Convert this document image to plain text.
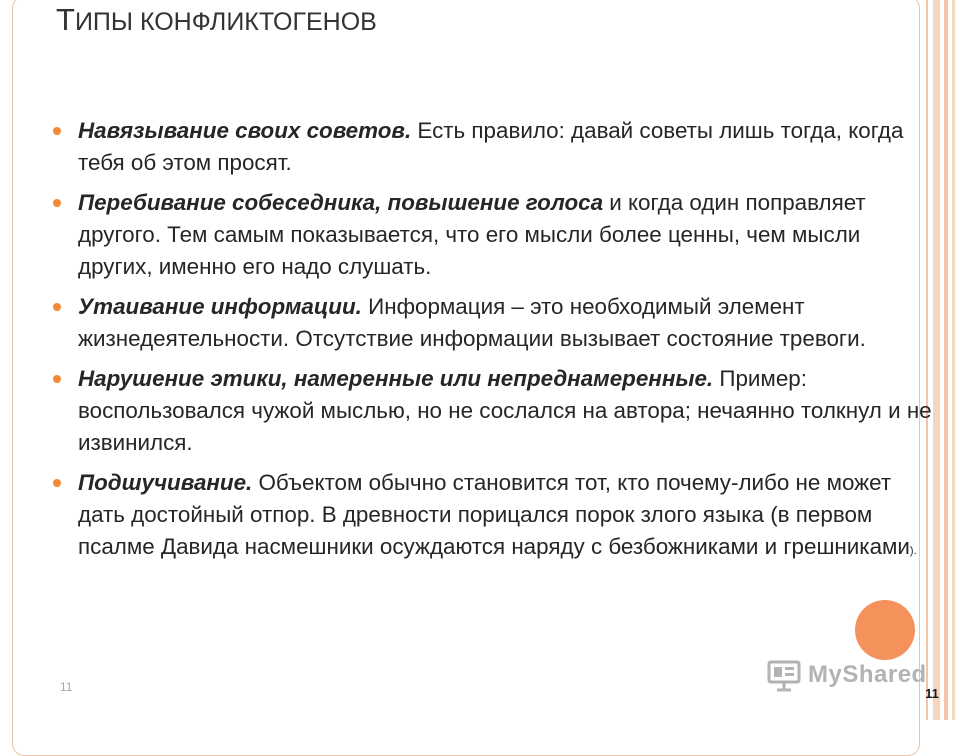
ТИПЫ КОНФЛИКТОГЕНОВ
Навязывание своих советов. Есть правило: давай советы лишь тогда, когда тебя об этом просят.
Перебивание собеседника, повышение голоса и когда один поправляет другого. Тем самым показывается, что его мысли более ценны, чем мысли других, именно его надо слушать.
Утаивание информации. Информация – это необходимый элемент жизнедеятельности. Отсутствие информации вызывает состояние тревоги.
Нарушение этики, намеренные или непреднамеренные. Пример: воспользовался чужой мыслью, но не сослался на автора; нечаянно толкнул и не извинился.
Подшучивание. Объектом обычно становится тот, кто почему-либо не может дать достойный отпор. В древности порицался порок злого языка (в первом псалме Давида насмешники осуждаются наряду с безбожниками и грешниками).
11	MyShared
11
